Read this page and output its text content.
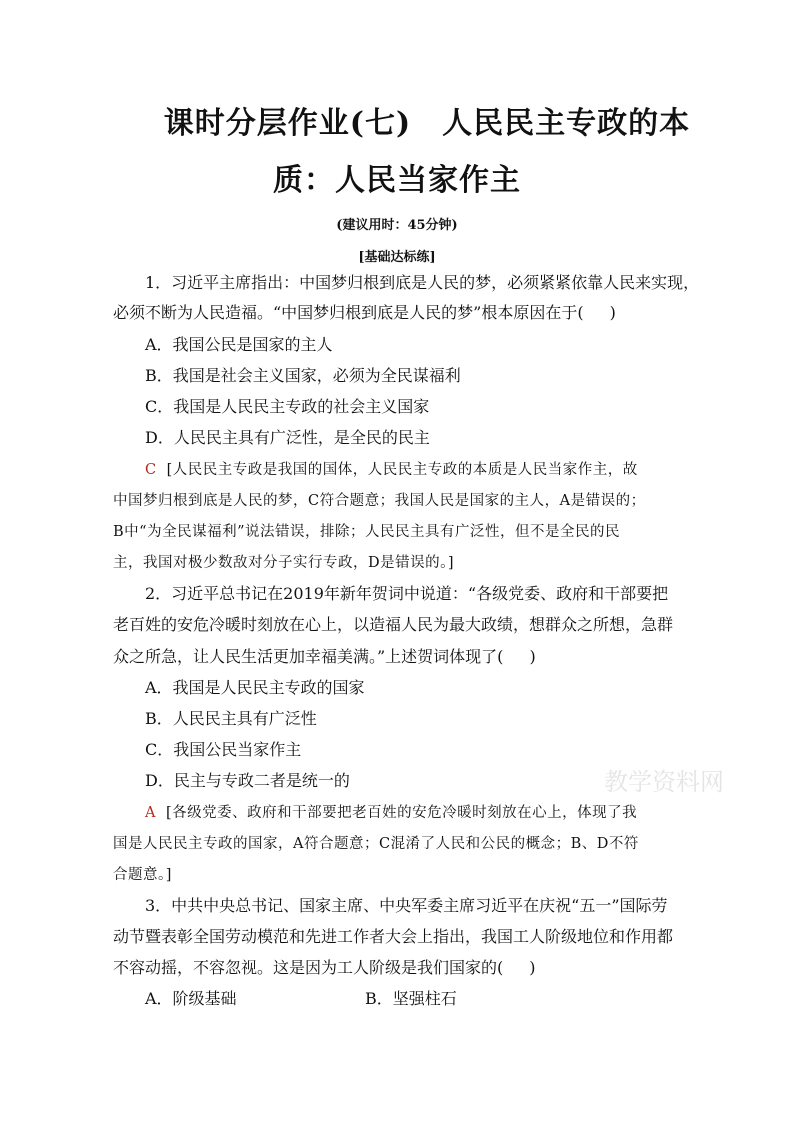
课时分层作业(七)　人民民主专政的本
质：人民当家作主
(建议用时：45分钟)
[基础达标练]
1．习近平主席指出：中国梦归根到底是人民的梦，必须紧紧依靠人民来实现，
必须不断为人民造福。“中国梦归根到底是人民的梦”根本原因在于( )
A．我国公民是国家的主人
B．我国是社会主义国家，必须为全民谋福利
C．我国是人民民主专政的社会主义国家
D．人民民主具有广泛性，是全民的民主
C [人民民主专政是我国的国体，人民民主专政的本质是人民当家作主，故
中国梦归根到底是人民的梦，C符合题意；我国人民是国家的主人，A是错误的；
B中“为全民谋福利”说法错误，排除；人民民主具有广泛性，但不是全民的民
主，我国对极少数敌对分子实行专政，D是错误的。]
2．习近平总书记在2019年新年贺词中说道：“各级党委、政府和干部要把
老百姓的安危冷暖时刻放在心上，以造福人民为最大政绩，想群众之所想，急群
众之所急，让人民生活更加幸福美满。”上述贺词体现了( )
A．我国是人民民主专政的国家
B．人民民主具有广泛性
C．我国公民当家作主
D．民主与专政二者是统一的	教学资料网
A [各级党委、政府和干部要把老百姓的安危冷暖时刻放在心上，体现了我
国是人民民主专政的国家，A符合题意；C混淆了人民和公民的概念；B、D不符
合题意。]
3．中共中央总书记、国家主席、中央军委主席习近平在庆祝“五一”国际劳
动节暨表彰全国劳动模范和先进工作者大会上指出，我国工人阶级地位和作用都
不容动摇，不容忽视。这是因为工人阶级是我们国家的( )
A．阶级基础	B．坚强柱石
